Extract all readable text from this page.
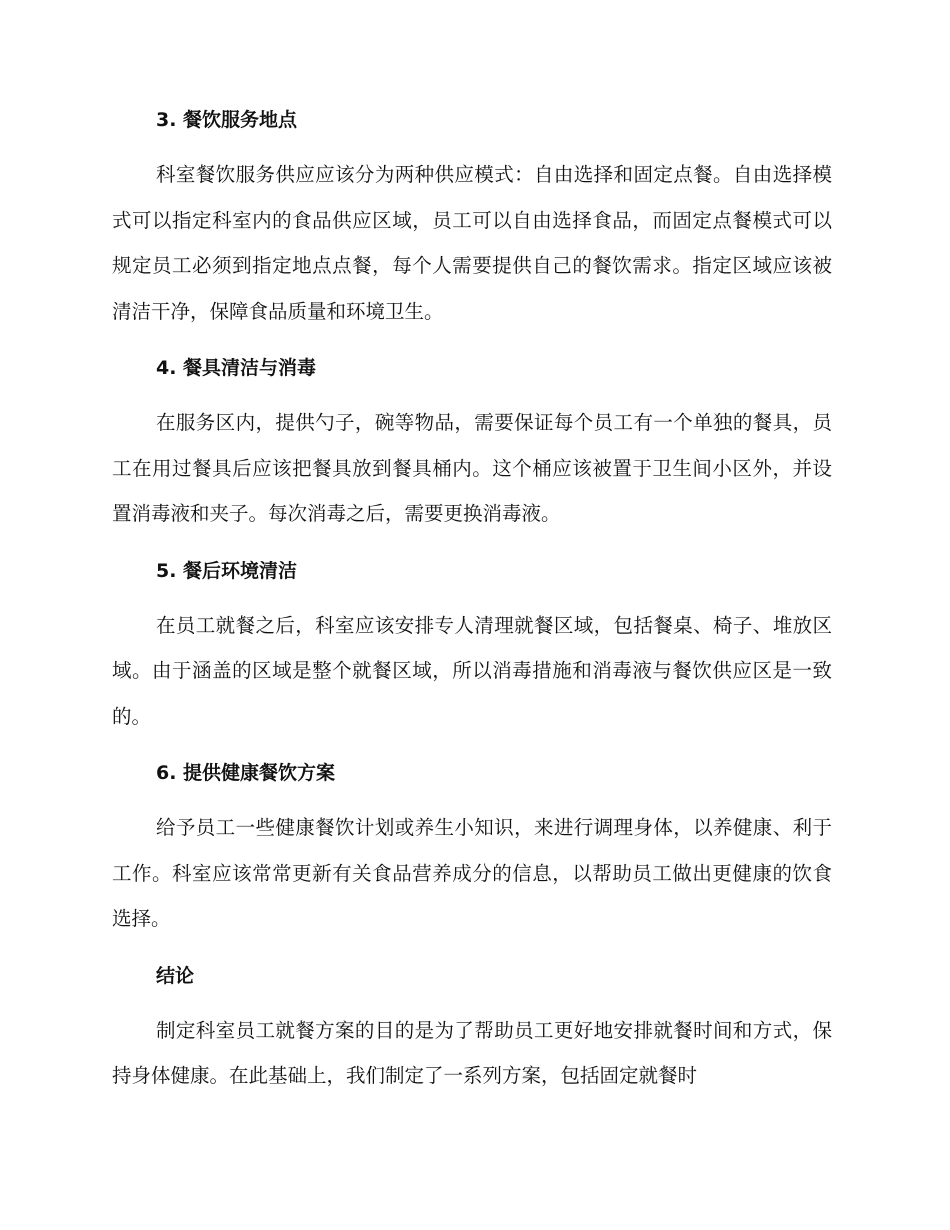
3. 餐饮服务地点

科室餐饮服务供应应该分为两种供应模式：自由选择和固定点餐。自由选择模式可以指定科室内的食品供应区域，员工可以自由选择食品，而固定点餐模式可以规定员工必须到指定地点点餐，每个人需要提供自己的餐饮需求。指定区域应该被清洁干净，保障食品质量和环境卫生。

4. 餐具清洁与消毒

在服务区内，提供勺子，碗等物品，需要保证每个员工有一个单独的餐具，员工在用过餐具后应该把餐具放到餐具桶内。这个桶应该被置于卫生间小区外，并设置消毒液和夹子。每次消毒之后，需要更换消毒液。

5. 餐后环境清洁

在员工就餐之后，科室应该安排专人清理就餐区域，包括餐桌、椅子、堆放区域。由于涵盖的区域是整个就餐区域，所以消毒措施和消毒液与餐饮供应区是一致的。

6. 提供健康餐饮方案

给予员工一些健康餐饮计划或养生小知识，来进行调理身体，以养健康、利于工作。科室应该常常更新有关食品营养成分的信息，以帮助员工做出更健康的饮食选择。

结论

制定科室员工就餐方案的目的是为了帮助员工更好地安排就餐时间和方式，保持身体健康。在此基础上，我们制定了一系列方案，包括固定就餐时
